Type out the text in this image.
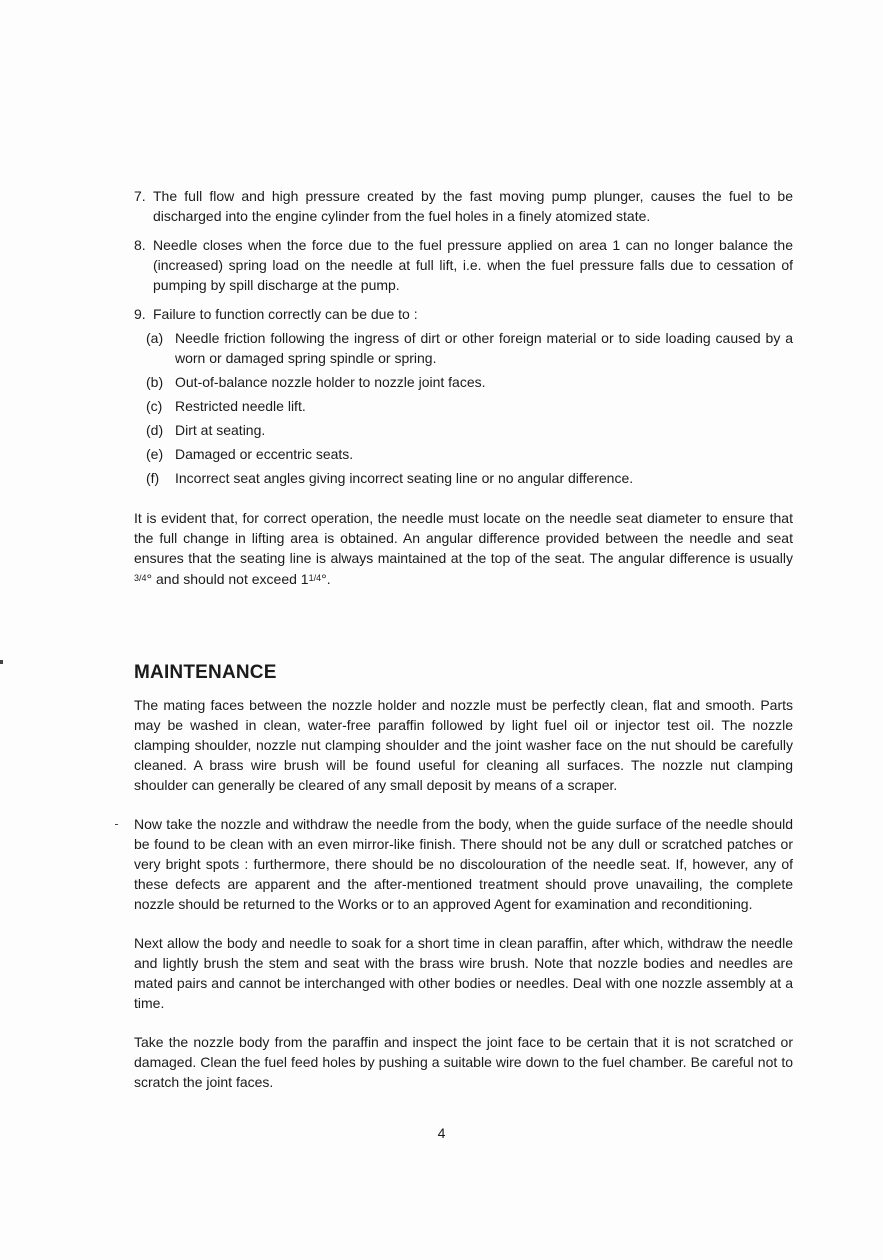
7. The full flow and high pressure created by the fast moving pump plunger, causes the fuel to be discharged into the engine cylinder from the fuel holes in a finely atomized state.

8. Needle closes when the force due to the fuel pressure applied on area 1 can no longer balance the (increased) spring load on the needle at full lift, i.e. when the fuel pressure falls due to cessation of pumping by spill discharge at the pump.

9. Failure to function correctly can be due to :

(a) Needle friction following the ingress of dirt or other foreign material or to side loading caused by a worn or damaged spring spindle or spring.

(b) Out-of-balance nozzle holder to nozzle joint faces.

(c) Restricted needle lift.

(d) Dirt at seating.

(e) Damaged or eccentric seats.

(f)	Incorrect seat angles giving incorrect seating line or no angular difference.

It is evident that, for correct operation, the needle must locate on the needle seat diameter to ensure that the full change in lifting area is obtained. An angular difference provided between the needle and seat ensures that the seating line is always maintained at the top of the seat. The angular difference is usually $^{3/4}$° and should not exceed $1^{1/4}^\circ$.

MAINTENANCE

The mating faces between the nozzle holder and nozzle must be perfectly clean, flat and smooth. Parts may be washed in clean, water-free paraffin followed by light fuel oil or injector test oil. The nozzle clamping shoulder, nozzle nut clamping shoulder and the joint washer face on the nut should be carefully cleaned. A brass wire brush will be found useful for cleaning all surfaces. The nozzle nut clamping shoulder can generally be cleared of any small deposit by means of a scraper.

Now take the nozzle and withdraw the needle from the body, when the guide surface of the needle should be found to be clean with an even mirror-like finish. There should not be any dull or scratched patches or very bright spots : furthermore, there should be no discolouration of the needle seat. If, however, any of these defects are apparent and the after-mentioned treatment should prove unavailing, the complete nozzle should be returned to the Works or to an approved Agent for examination and reconditioning.

Next allow the body and needle to soak for a short time in clean paraffin, after which, withdraw the needle and lightly brush the stem and seat with the brass wire brush. Note that nozzle bodies and needles are mated pairs and cannot be interchanged with other bodies or needles. Deal with one nozzle assembly at a time.

Take the nozzle body from the paraffin and inspect the joint face to be certain that it is not scratched or damaged. Clean the fuel feed holes by pushing a suitable wire down to the fuel chamber. Be careful not to scratch the joint faces.

4
